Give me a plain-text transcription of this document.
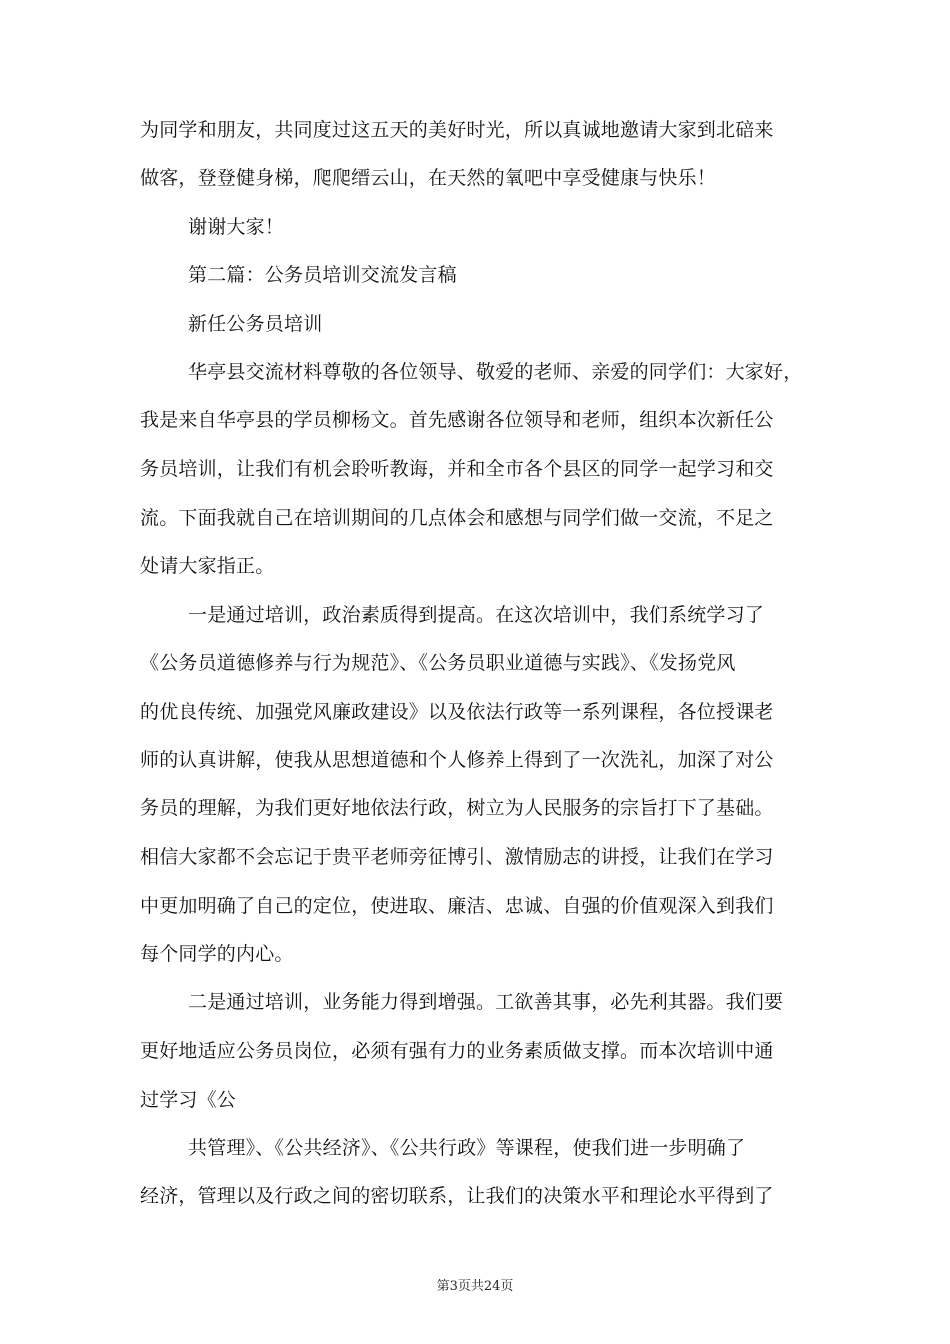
为同学和朋友，共同度过这五天的美好时光，所以真诚地邀请大家到北碚来
做客，登登健身梯，爬爬缙云山，在天然的氧吧中享受健康与快乐！
谢谢大家！
第二篇：公务员培训交流发言稿
新任公务员培训
华亭县交流材料尊敬的各位领导、敬爱的老师、亲爱的同学们：大家好，
我是来自华亭县的学员柳杨文。首先感谢各位领导和老师，组织本次新任公
务员培训，让我们有机会聆听教诲，并和全市各个县区的同学一起学习和交
流。下面我就自己在培训期间的几点体会和感想与同学们做一交流，不足之
处请大家指正。
一是通过培训，政治素质得到提高。在这次培训中，我们系统学习了
《公务员道德修养与行为规范》、《公务员职业道德与实践》、《发扬党风
的优良传统、加强党风廉政建设》以及依法行政等一系列课程，各位授课老
师的认真讲解，使我从思想道德和个人修养上得到了一次洗礼，加深了对公
务员的理解，为我们更好地依法行政，树立为人民服务的宗旨打下了基础。
相信大家都不会忘记于贵平老师旁征博引、激情励志的讲授，让我们在学习
中更加明确了自己的定位，使进取、廉洁、忠诚、自强的价值观深入到我们
每个同学的内心。
二是通过培训，业务能力得到增强。工欲善其事，必先利其器。我们要
更好地适应公务员岗位，必须有强有力的业务素质做支撑。而本次培训中通
过学习《公
共管理》、《公共经济》、《公共行政》等课程，使我们进一步明确了
经济，管理以及行政之间的密切联系，让我们的决策水平和理论水平得到了
第3页共24页
